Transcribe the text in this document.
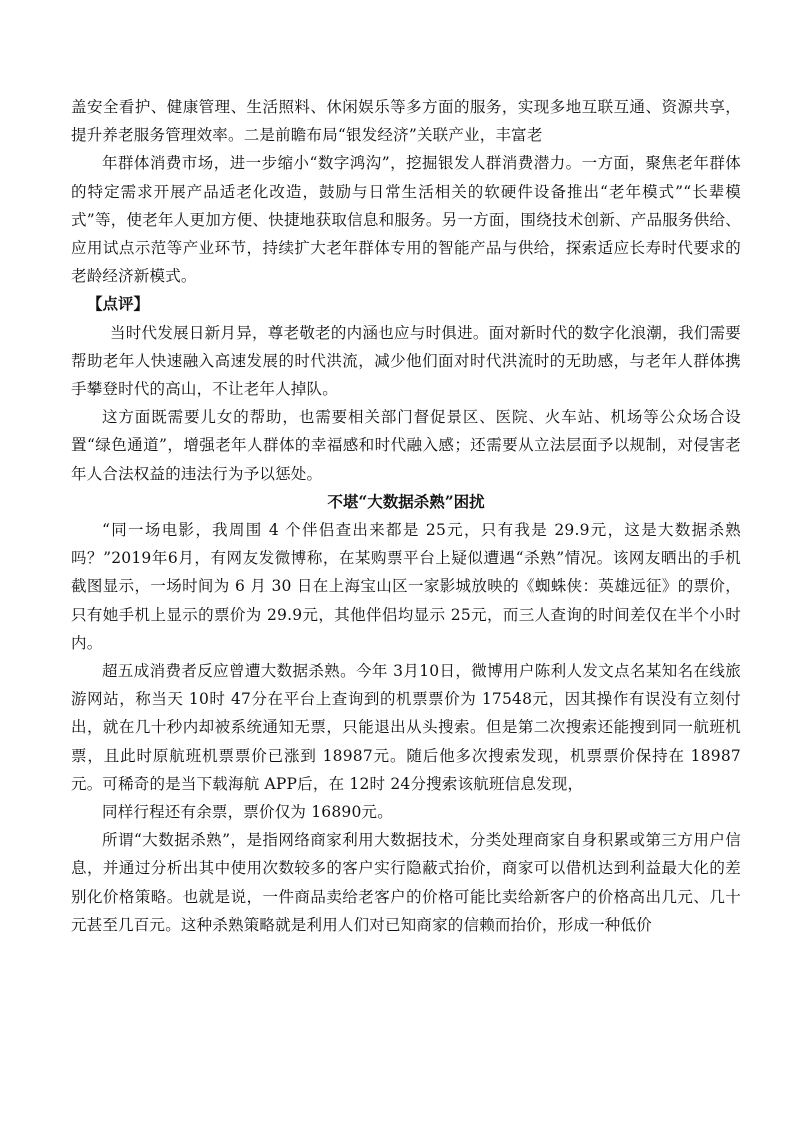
盖安全看护、健康管理、生活照料、休闲娱乐等多方面的服务，实现多地互联互通、资源共享，提升养老服务管理效率。二是前瞻布局“银发经济”关联产业，丰富老

年群体消费市场，进一步缩小“数字鸿沟”，挖掘银发人群消费潜力。一方面，聚焦老年群体的特定需求开展产品适老化改造，鼓励与日常生活相关的软硬件设备推出“老年模式”“长辈模式”等，使老年人更加方便、快捷地获取信息和服务。另一方面，围绕技术创新、产品服务供给、应用试点示范等产业环节，持续扩大老年群体专用的智能产品与供给，探索适应长寿时代要求的老龄经济新模式。

【点评】

当时代发展日新月异，尊老敬老的内涵也应与时俱进。面对新时代的数字化浪潮，我们需要帮助老年人快速融入高速发展的时代洪流，减少他们面对时代洪流时的无助感，与老年人群体携手攀登时代的高山，不让老年人掉队。

这方面既需要儿女的帮助，也需要相关部门督促景区、医院、火车站、机场等公众场合设置“绿色通道”，增强老年人群体的幸福感和时代融入感；还需要从立法层面予以规制，对侵害老年人合法权益的违法行为予以惩处。

不堪“大数据杀熟”困扰

“同一场电影，我周围 4 个伴侣查出来都是 25元，只有我是 29.9元，这是大数据杀熟吗？”2019年6月，有网友发微博称，在某购票平台上疑似遭遇“杀熟”情况。该网友晒出的手机截图显示，一场时间为 6 月 30 日在上海宝山区一家影城放映的《蜘蛛侠：英雄远征》的票价，只有她手机上显示的票价为 29.9元，其他伴侣均显示 25元，而三人查询的时间差仅在半个小时内。

超五成消费者反应曾遭大数据杀熟。今年 3月10日，微博用户陈利人发文点名某知名在线旅游网站，称当天 10时 47分在平台上查询到的机票票价为 17548元，因其操作有误没有立刻付出，就在几十秒内却被系统通知无票，只能退出从头搜索。但是第二次搜索还能搜到同一航班机票，且此时原航班机票票价已涨到 18987元。随后他多次搜索发现，机票票价保持在 18987元。可稀奇的是当下载海航 APP后，在 12时 24分搜索该航班信息发现，

同样行程还有余票，票价仅为 16890元。

所谓“大数据杀熟”，是指网络商家利用大数据技术，分类处理商家自身积累或第三方用户信息，并通过分析出其中使用次数较多的客户实行隐蔽式抬价，商家可以借机达到利益最大化的差别化价格策略。也就是说，一件商品卖给老客户的价格可能比卖给新客户的价格高出几元、几十元甚至几百元。这种杀熟策略就是利用人们对已知商家的信赖而抬价，形成一种低价
